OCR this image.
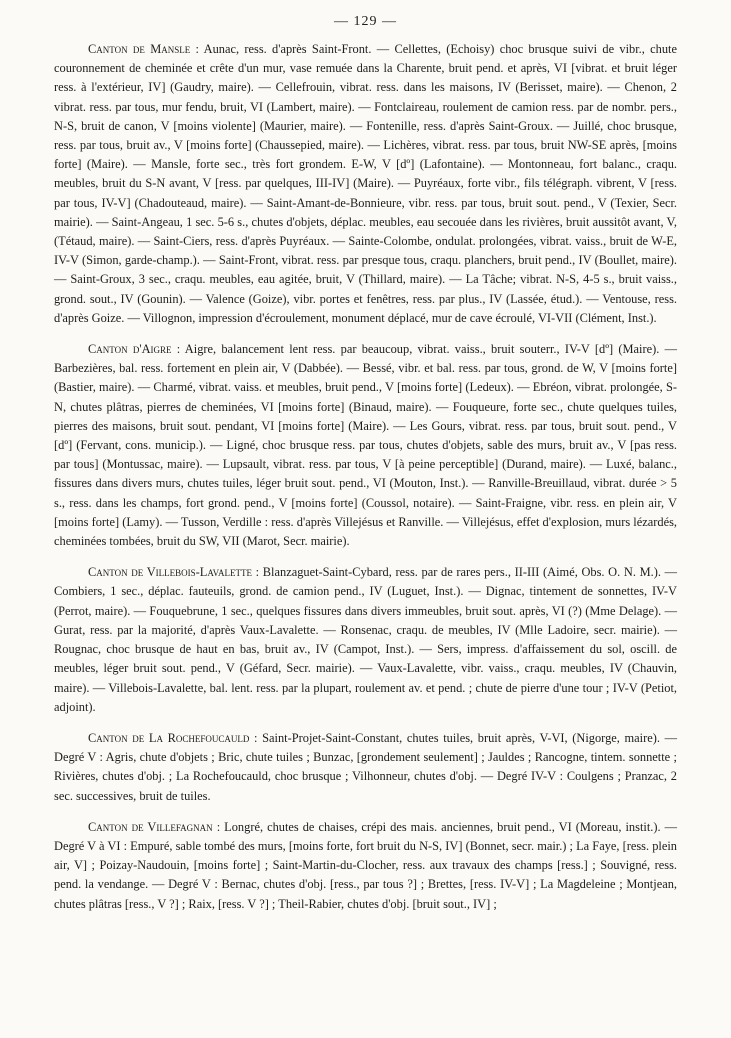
— 129 —

Canton de Mansle : Aunac, ress. d'après Saint-Front. — Cellettes, (Echoisy) choc brusque suivi de vibr., chute couronnement de cheminée et crête d'un mur, vase remuée dans la Charente, bruit pend. et après, VI [vibrat. et bruit léger ress. à l'extérieur, IV] (Gaudry, maire). — Cellefrouin, vibrat. ress. dans les maisons, IV (Berisset, maire). — Chenon, 2 vibrat. ress. par tous, mur fendu, bruit, VI (Lambert, maire). — Fontclaireau, roulement de camion ress. par de nombr. pers., N-S, bruit de canon, V [moins violente] (Maurier, maire). — Fontenille, ress. d'après Saint-Groux. — Juillé, choc brusque, ress. par tous, bruit av., V [moins forte] (Chaussepied, maire). — Lichères, vibrat. ress. par tous, bruit NW-SE après, [moins forte] (Maire). — Mansle, forte sec., très fort grondem. E-W, V [dº] (Lafontaine). — Montonneau, fort balanc., craqu. meubles, bruit du S-N avant, V [ress. par quelques, III-IV] (Maire). — Puyréaux, forte vibr., fils télégraph. vibrent, V [ress. par tous, IV-V] (Chadouteaud, maire). — Saint-Amant-de-Bonnieure, vibr. ress. par tous, bruit sout. pend., V (Texier, Secr. mairie). — Saint-Angeau, 1 sec. 5-6 s., chutes d'objets, déplac. meubles, eau secouée dans les rivières, bruit aussitôt avant, V, (Tétaud, maire). — Saint-Ciers, ress. d'après Puyréaux. — Sainte-Colombe, ondulat. prolongées, vibrat. vaiss., bruit de W-E, IV-V (Simon, garde-champ.). — Saint-Front, vibrat. ress. par presque tous, craqu. planchers, bruit pend., IV (Boullet, maire). — Saint-Groux, 3 sec., craqu. meubles, eau agitée, bruit, V (Thillard, maire). — La Tâche; vibrat. N-S, 4-5 s., bruit vaiss., grond. sout., IV (Gounin). — Valence (Goize), vibr. portes et fenêtres, ress. par plus., IV (Lassée, étud.). — Ventouse, ress. d'après Goize. — Villognon, impression d'écroulement, monument déplacé, mur de cave écroulé, VI-VII (Clément, Inst.).

Canton d'Aigre : Aigre, balancement lent ress. par beaucoup, vibrat. vaiss., bruit souterr., IV-V [dº] (Maire). — Barbezières, bal. ress. fortement en plein air, V (Dabbée). — Bessé, vibr. et bal. ress. par tous, grond. de W, V [moins forte] (Bastier, maire). — Charmé, vibrat. vaiss. et meubles, bruit pend., V [moins forte] (Ledeux). — Ebréon, vibrat. prolongée, S-N, chutes plâtras, pierres de cheminées, VI [moins forte] (Binaud, maire). — Fouqueure, forte sec., chute quelques tuiles, pierres des maisons, bruit sout. pendant, VI [moins forte] (Maire). — Les Gours, vibrat. ress. par tous, bruit sout. pend., V [dº] (Fervant, cons. municip.). — Ligné, choc brusque ress. par tous, chutes d'objets, sable des murs, bruit av., V [pas ress. par tous] (Montussac, maire). — Lupsault, vibrat. ress. par tous, V [à peine perceptible] (Durand, maire). — Luxé, balanc., fissures dans divers murs, chutes tuiles, léger bruit sout. pend., VI (Mouton, Inst.). — Ranville-Breuillaud, vibrat. durée > 5 s., ress. dans les champs, fort grond. pend., V [moins forte] (Coussol, notaire). — Saint-Fraigne, vibr. ress. en plein air, V [moins forte] (Lamy). — Tusson, Verdille : ress. d'après Villejésus et Ranville. — Villejésus, effet d'explosion, murs lézardés, cheminées tombées, bruit du SW, VII (Marot, Secr. mairie).

Canton de Villebois-Lavalette : Blanzaguet-Saint-Cybard, ress. par de rares pers., II-III (Aimé, Obs. O. N. M.). — Combiers, 1 sec., déplac. fauteuils, grond. de camion pend., IV (Luguet, Inst.). — Dignac, tintement de sonnettes, IV-V (Perrot, maire). — Fouquebrune, 1 sec., quelques fissures dans divers immeubles, bruit sout. après, VI (?) (Mme Delage). — Gurat, ress. par la majorité, d'après Vaux-Lavalette. — Ronsenac, craqu. de meubles, IV (Mlle Ladoire, secr. mairie). — Rougnac, choc brusque de haut en bas, bruit av., IV (Campot, Inst.). — Sers, impress. d'affaissement du sol, oscill. de meubles, léger bruit sout. pend., V (Géfard, Secr. mairie). — Vaux-Lavalette, vibr. vaiss., craqu. meubles, IV (Chauvin, maire). — Villebois-Lavalette, bal. lent. ress. par la plupart, roulement av. et pend. ; chute de pierre d'une tour ; IV-V (Petiot, adjoint).

Canton de La Rochefoucauld : Saint-Projet-Saint-Constant, chutes tuiles, bruit après, V-VI, (Nigorge, maire). — Degré V : Agris, chute d'objets ; Bric, chute tuiles ; Bunzac, [grondement seulement] ; Jauldes ; Rancogne, tintem. sonnette ; Rivières, chutes d'obj. ; La Rochefoucauld, choc brusque ; Vilhonneur, chutes d'obj. — Degré IV-V : Coulgens ; Pranzac, 2 sec. successives, bruit de tuiles.

Canton de Villefagnan : Longré, chutes de chaises, crépi des mais. anciennes, bruit pend., VI (Moreau, instit.). — Degré V à VI : Empuré, sable tombé des murs, [moins forte, fort bruit du N-S, IV] (Bonnet, secr. mair.) ; La Faye, [ress. plein air, V] ; Poizay-Naudouin, [moins forte] ; Saint-Martin-du-Clocher, ress. aux travaux des champs [ress.] ; Souvigné, ress. pend. la vendange. — Degré V : Bernac, chutes d'obj. [ress., par tous ?] ; Brettes, [ress. IV-V] ; La Magdeleine ; Montjean, chutes plâtras [ress., V ?] ; Raix, [ress. V ?] ; Theil-Rabier, chutes d'obj. [bruit sout., IV] ;
